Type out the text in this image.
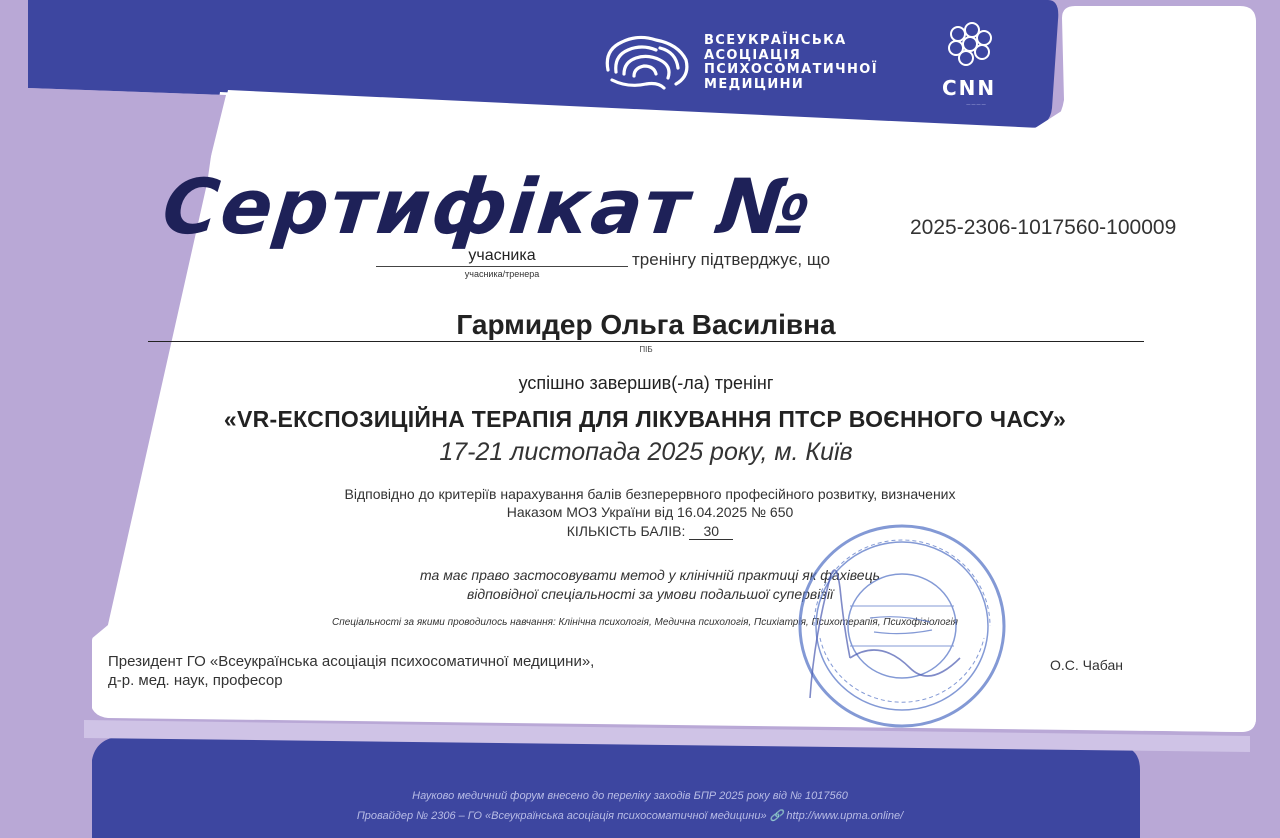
ВСЕУКРАЇНСЬКА
АСОЦІАЦІЯ
ПСИХОСОМАТИЧНОЇ
МЕДИЦИНИ	CNN
— — — —
Сертифікат №	2025-2306-1017560-100009
учасника
учасника/тренера
тренінгу підтверджує, що
Гармидер Ольга Василівна
ПІБ
успішно завершив(-ла) тренінг
«VR-ЕКСПОЗИЦІЙНА ТЕРАПІЯ ДЛЯ ЛІКУВАННЯ ПТСР ВОЄННОГО ЧАСУ»
17-21 листопада 2025 року, м. Київ
Відповідно до критеріїв нарахування балів безперервного професійного розвитку, визначених
Наказом МОЗ України від 16.04.2025 № 650
КІЛЬКІСТЬ БАЛІВ: 30
та має право застосовувати метод у клінічній практиці як фахівець
відповідної спеціальності за умови подальшої супервізії
Спеціальності за якими проводилось навчання: Клінічна психологія, Медична психологія, Психіатрія, Психотерапія, Психофізіологія
Президент ГО «Всеукраїнська асоціація психосоматичної медицини»,
д-р. мед. наук, професор
О.С. Чабан
Науково медичний форум внесено до переліку заходів БПР 2025 року від № 1017560
Провайдер № 2306 – ГО «Всеукраїнська асоціація психосоматичної медицини» 🔗 http://www.upma.online/
